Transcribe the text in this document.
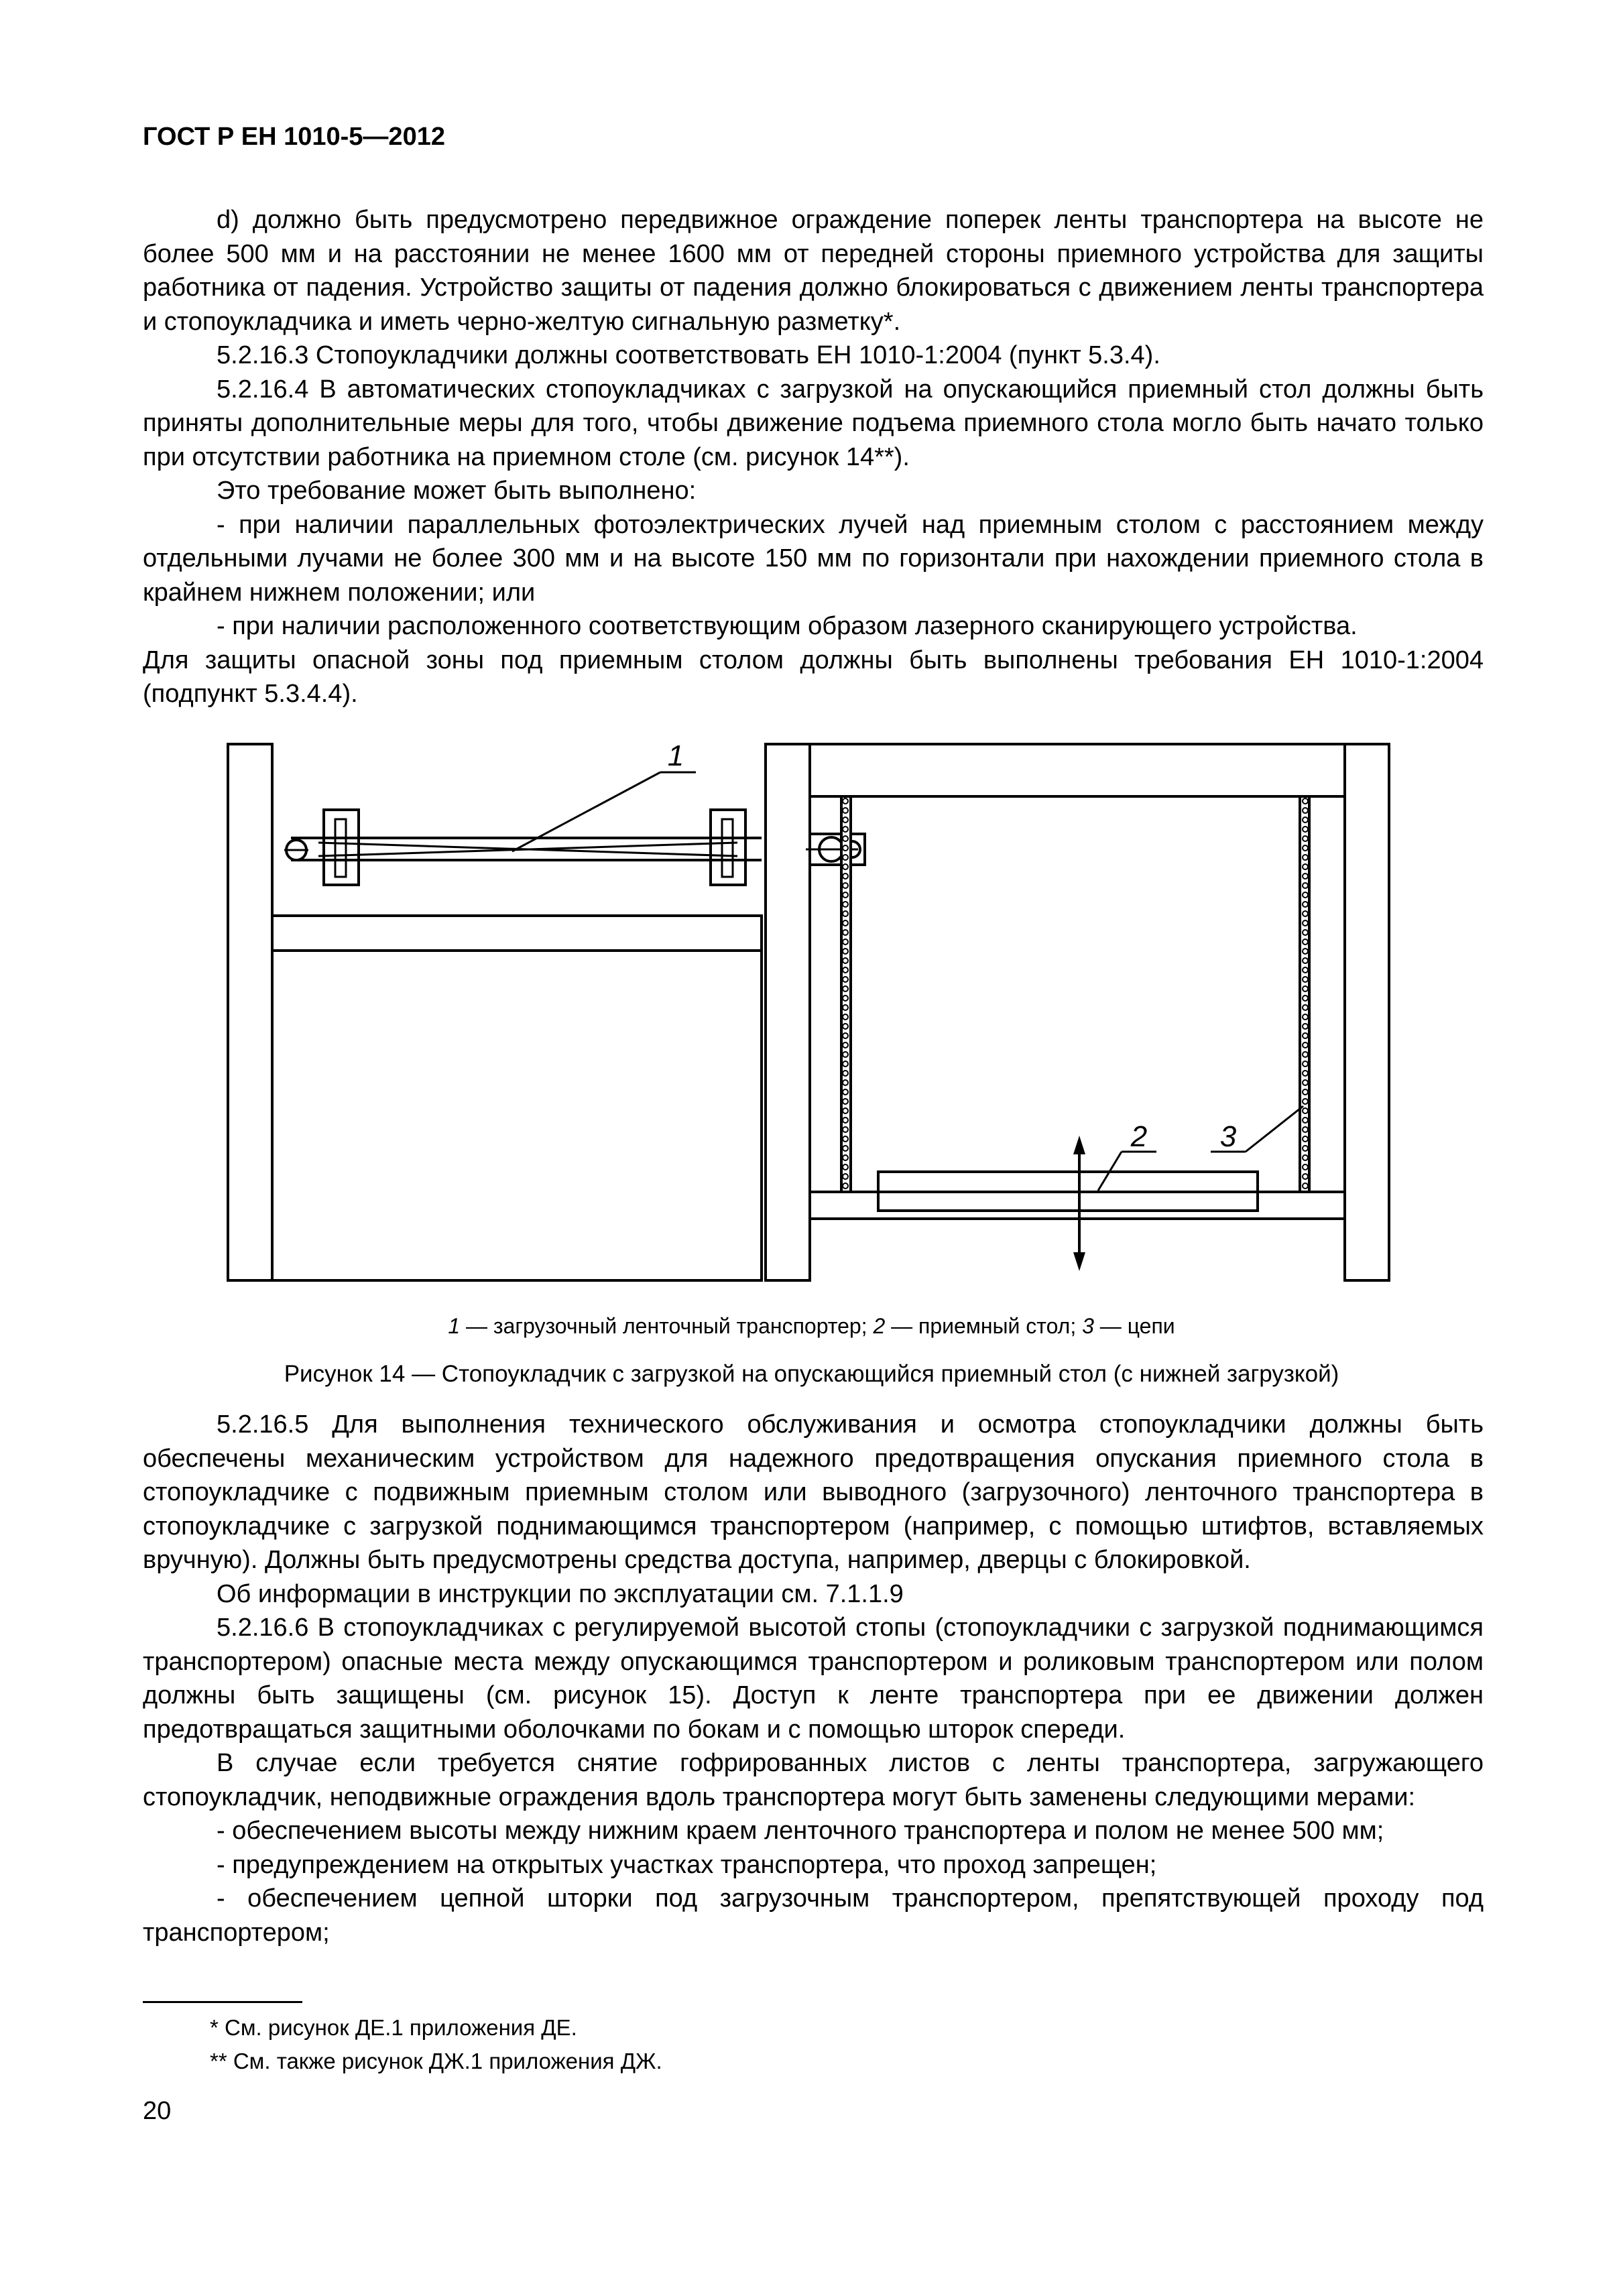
ГОСТ Р ЕН 1010-5—2012

d) должно быть предусмотрено передвижное ограждение поперек ленты транспортера на высоте не более 500 мм и на расстоянии не менее 1600 мм от передней стороны приемного устройства для защиты работника от падения. Устройство защиты от падения должно блокироваться с движением ленты транспортера и стопоукладчика и иметь черно-желтую сигнальную разметку*.

5.2.16.3 Стопоукладчики должны соответствовать ЕН 1010-1:2004 (пункт 5.3.4).

5.2.16.4 В автоматических стопоукладчиках с загрузкой на опускающийся приемный стол должны быть приняты дополнительные меры для того, чтобы движение подъема приемного стола могло быть начато только при отсутствии работника на приемном столе (см. рисунок 14**).

Это требование может быть выполнено:

- при наличии параллельных фотоэлектрических лучей над приемным столом с расстоянием между отдельными лучами не более 300 мм и на высоте 150 мм по горизонтали при нахождении приемного стола в крайнем нижнем положении; или

- при наличии расположенного соответствующим образом лазерного сканирующего устройства.

Для защиты опасной зоны под приемным столом должны быть выполнены требования ЕН 1010-1:2004 (подпункт 5.3.4.4).

1
2 3
1 — загрузочный ленточный транспортер; 2 — приемный стол; 3 — цепи
Рисунок 14 — Стопоукладчик с загрузкой на опускающийся приемный стол (с нижней загрузкой)

5.2.16.5 Для выполнения технического обслуживания и осмотра стопоукладчики должны быть обеспечены механическим устройством для надежного предотвращения опускания приемного стола в стопоукладчике с подвижным приемным столом или выводного (загрузочного) ленточного транспортера в стопоукладчике с загрузкой поднимающимся транспортером (например, с помощью штифтов, вставляемых вручную). Должны быть предусмотрены средства доступа, например, дверцы с блокировкой.

Об информации в инструкции по эксплуатации см. 7.1.1.9

5.2.16.6 В стопоукладчиках с регулируемой высотой стопы (стопоукладчики с загрузкой поднимающимся транспортером) опасные места между опускающимся транспортером и роликовым транспортером или полом должны быть защищены (см. рисунок 15). Доступ к ленте транспортера при ее движении должен предотвращаться защитными оболочками по бокам и с помощью шторок спереди.

В случае если требуется снятие гофрированных листов с ленты транспортера, загружающего стопоукладчик, неподвижные ограждения вдоль транспортера могут быть заменены следующими мерами:

- обеспечением высоты между нижним краем ленточного транспортера и полом не менее 500 мм;

- предупреждением на открытых участках транспортера, что проход запрещен;

- обеспечением цепной шторки под загрузочным транспортером, препятствующей проходу под транспортером;

* См. рисунок ДЕ.1 приложения ДЕ.
** См. также рисунок ДЖ.1 приложения ДЖ.
20
